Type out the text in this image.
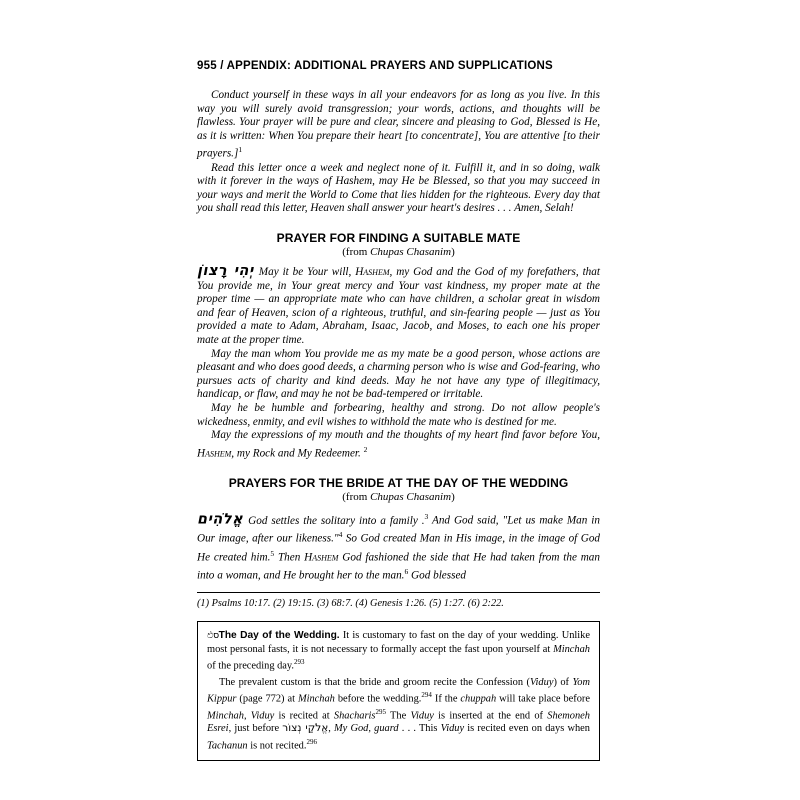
955 / APPENDIX: ADDITIONAL PRAYERS AND SUPPLICATIONS

Conduct yourself in these ways in all your endeavors for as long as you live. In this way you will surely avoid transgression; your words, actions, and thoughts will be flawless. Your prayer will be pure and clear, sincere and pleasing to God, Blessed is He, as it is written: When You prepare their heart [to concentrate], You are attentive [to their prayers.]$^1$

Read this letter once a week and neglect none of it. Fulfill it, and in so doing, walk with it forever in the ways of Hashem, may He be Blessed, so that you may succeed in your ways and merit the World to Come that lies hidden for the righteous. Every day that you shall read this letter, Heaven shall answer your heart's desires . . . Amen, Selah!

PRAYER FOR FINDING A SUITABLE MATE
(from Chupas Chasanim)

יְהִי רָצוֹן May it be Your will, Hashem, my God and the God of my forefathers, that You provide me, in Your great mercy and Your vast kindness, my proper mate at the proper time — an appropriate mate who can have children, a scholar great in wisdom and fear of Heaven, scion of a righteous, truthful, and sin-fearing people — just as You provided a mate to Adam, Abraham, Isaac, Jacob, and Moses, to each one his proper mate at the proper time.

May the man whom You provide me as my mate be a good person, whose actions are pleasant and who does good deeds, a charming person who is wise and God-fearing, who pursues acts of charity and kind deeds. May he not have any type of illegitimacy, handicap, or flaw, and may he not be bad-tempered or irritable.

May he be humble and forbearing, healthy and strong. Do not allow people's wickedness, enmity, and evil wishes to withhold the mate who is destined for me.

May the expressions of my mouth and the thoughts of my heart find favor before You, Hashem, my Rock and My Redeemer. $^2$

PRAYERS FOR THE BRIDE AT THE DAY OF THE WEDDING
(from Chupas Chasanim)

אֱלֹהִים God settles the solitary into a family .$^3$ And God said, "Let us make Man in Our image, after our likeness."$^4$ So God created Man in His image, in the image of God He created him.$^5$ Then Hashem God fashioned the side that He had taken from the man into a woman, and He brought her to the man.$^6$ God blessed

(1) Psalms 10:17. (2) 19:15. (3) 68:7. (4) Genesis 1:26. (5) 1:27. (6) 2:22.

ඵסThe Day of the Wedding. It is customary to fast on the day of your wedding. Unlike most personal fasts, it is not necessary to formally accept the fast upon yourself at Minchah of the preceding day.$^{293}$

The prevalent custom is that the bride and groom recite the Confession (Viduy) of Yom Kippur (page 772) at Minchah before the wedding.$^{294}$ If the chuppah will take place before Minchah, Viduy is recited at Shacharis$^{295}$ The Viduy is inserted at the end of Shemoneh Esrei, just before אֱלֹקַי נְצוֹר, My God, guard . . . This Viduy is recited even on days when Tachanun is not recited.$^{296}$
